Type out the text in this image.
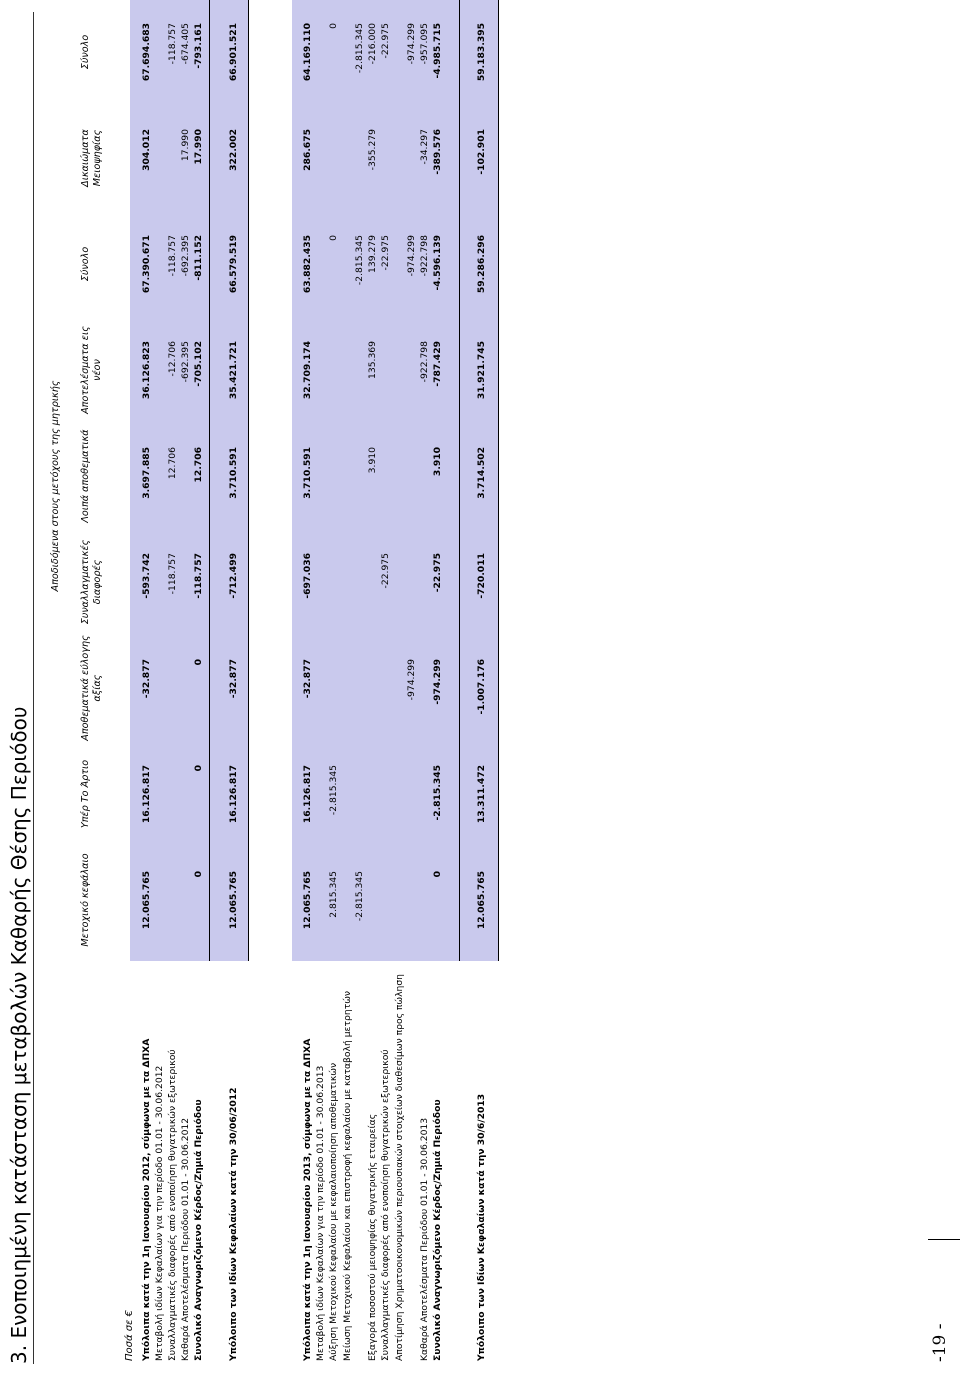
-19 -
3. Ενοποιημένη κατάσταση μεταβολών Καθαρής Θέσης Περιόδου
Αποδιδόμενα στους μετόχους της μητρικής
Ποσά σε €
Μετοχικό κεφάλαιο
Υπέρ Το Άρτιο
Αποθεματικά εύλογης αξίας
Συναλλαγματικές διαφορές
Λοιπά αποθεματικά
Αποτελέσματα εις νέον
Σύνολο
Δικαιώματα Μειοψηφίας
Σύνολο
Υπόλοιπα κατά την 1η Ιανουαρίου 2012, σύμφωνα με τα ΔΠΧΑ
12.065.765
16.126.817
-32.877
-593.742
3.697.885
36.126.823
67.390.671
304.012
67.694.683
Μεταβολή ιδίων Κεφαλαίων για την περίοδο 01.01 - 30.06.2012 Συναλλαγματικές διαφορές από ενοποίηση θυγατρικών εξωτερικού
-118.757
12.706
-12.706
-118.757
-118.757
Καθαρά Αποτελέσματα Περιόδου 01.01 - 30.06.2012
-692.395
-692.395
17.990
-674.405
Συνολικό Αναγνωριζόμενο Κέρδος/Ζημιά Περιόδου
0
0
0
-118.757
12.706
-705.102
-811.152
17.990
-793.161
Υπόλοιπο των Ιδίων Κεφαλαίων κατά την 30/06/2012
12.065.765
16.126.817
-32.877
-712.499
3.710.591
35.421.721
66.579.519
322.002
66.901.521
Υπόλοιπα κατά την 1η Ιανουαρίου 2013, σύμφωνα με τα ΔΠΧΑ
12.065.765
16.126.817
-32.877
-697.036
3.710.591
32.709.174
63.882.435
286.675
64.169.110
Μεταβολή ιδίων Κεφαλαίων για την περίοδο 01.01 - 30.06.2013 Αύξηση Μετοχικού Κεφαλαίου με κεφαλαιοποίηση αποθεματικών
2.815.345
-2.815.345
0
0
Μείωση Μετοχικού Κεφαλαίου και επιστροφή κεφαλαίου με καταβολή μετρητών
-2.815.345
-2.815.345
-2.815.345
Εξαγορά ποσοστού μειοψηφίας θυγατρικής εταιρείας
3.910
135.369
139.279
-355.279
-216.000
Συναλλαγματικές διαφορές από ενοποίηση θυγατρικών εξωτερικού
-22.975
-22.975
-22.975
Αποτίμηση Χρηματοοικονομικών περιουσιακών στοιχείων διαθεσίμων προς πώληση
-974.299
-974.299
-974.299
Καθαρά Αποτελέσματα Περιόδου 01.01 - 30.06.2013
-922.798
-922.798
-34.297
-957.095
Συνολικό Αναγνωριζόμενο Κέρδος/Ζημιά Περιόδου
0
-2.815.345
-974.299
-22.975
3.910
-787.429
-4.596.139
-389.576
-4.985.715
Υπόλοιπο των Ιδίων Κεφαλαίων κατά την 30/6/2013
12.065.765
13.311.472
-1.007.176
-720.011
3.714.502
31.921.745
59.286.296
-102.901
59.183.395
